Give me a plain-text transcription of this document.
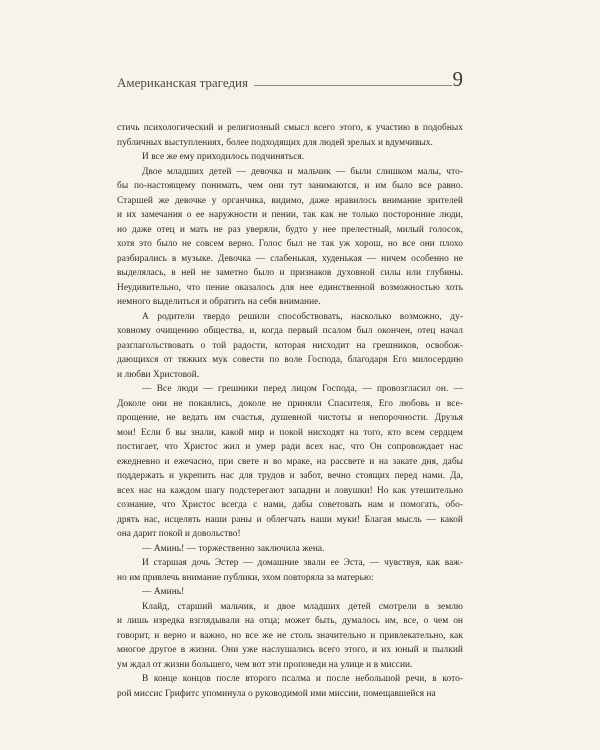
Американская трагедия	9
стичь психологический и религиозный смысл всего этого, к участию в подобных
публичных выступлениях, более подходящих для людей зрелых и вдумчивых.
И все же ему приходилось подчиняться.
Двое младших детей — девочка и мальчик — были слишком малы, что-
бы по-настоящему понимать, чем они тут занимаются, и им было все равно.
Старшей же девочке у органчика, видимо, даже нравилось внимание зрителей
и их замечания о ее наружности и пении, так как не только посторонние люди,
но даже отец и мать не раз уверяли, будто у нее прелестный, милый голосок,
хотя это было не совсем верно. Голос был не так уж хорош, но все они плохо
разбирались в музыке. Девочка — слабенькая, худенькая — ничем особенно не
выделялась, в ней не заметно было и признаков духовной силы или глубины.
Неудивительно, что пение оказалось для нее единственной возможностью хоть
немного выделиться и обратить на себя внимание.
А родители твердо решили способствовать, насколько возможно, ду-
ховному очищению общества, и, когда первый псалом был окончен, отец начал
разглагольствовать о той радости, которая нисходит на грешников, освобож-
дающихся от тяжких мук совести по воле Господа, благодаря Его милосердию
и любви Христовой.
— Все люди — грешники перед лицом Господа, — провозгласил он. —
Доколе они не покаялись, доколе не приняли Спасителя, Его любовь и все-
прощение, не ведать им счастья, душевной чистоты и непорочности. Друзья
мои! Если б вы знали, какой мир и покой нисходят на того, кто всем сердцем
постигает, что Христос жил и умер ради всех нас, что Он сопровождает нас
ежедневно и ежечасно, при свете и во мраке, на рассвете и на закате дня, дабы
поддержать и укрепить нас для трудов и забот, вечно стоящих перед нами. Да,
всех нас на каждом шагу подстерегают западни и ловушки! Но как утешительно
сознание, что Христос всегда с нами, дабы советовать нам и помогать, обо-
дрять нас, исцелять наши раны и облегчать наши муки! Благая мысль — какой
она дарит покой и довольство!
— Аминь! — торжественно заключила жена.
И старшая дочь Эстер — домашние звали ее Эста, — чувствуя, как важ-
но им привлечь внимание публики, эхом повторяла за матерью:
— Аминь!
Клайд, старший мальчик, и двое младших детей смотрели в землю
и лишь изредка взглядывали на отца; может быть, думалось им, все, о чем он
говорит, и верно и важно, но все же не столь значительно и привлекательно, как
многое другое в жизни. Они уже наслушались всего этого, и их юный и пылкий
ум ждал от жизни большего, чем вот эти проповеди на улице и в миссии.
В конце концов после второго псалма и после небольшой речи, в кото-
рой миссис Грифитс упоминула о руководимой ими миссии, помещавшейся на
